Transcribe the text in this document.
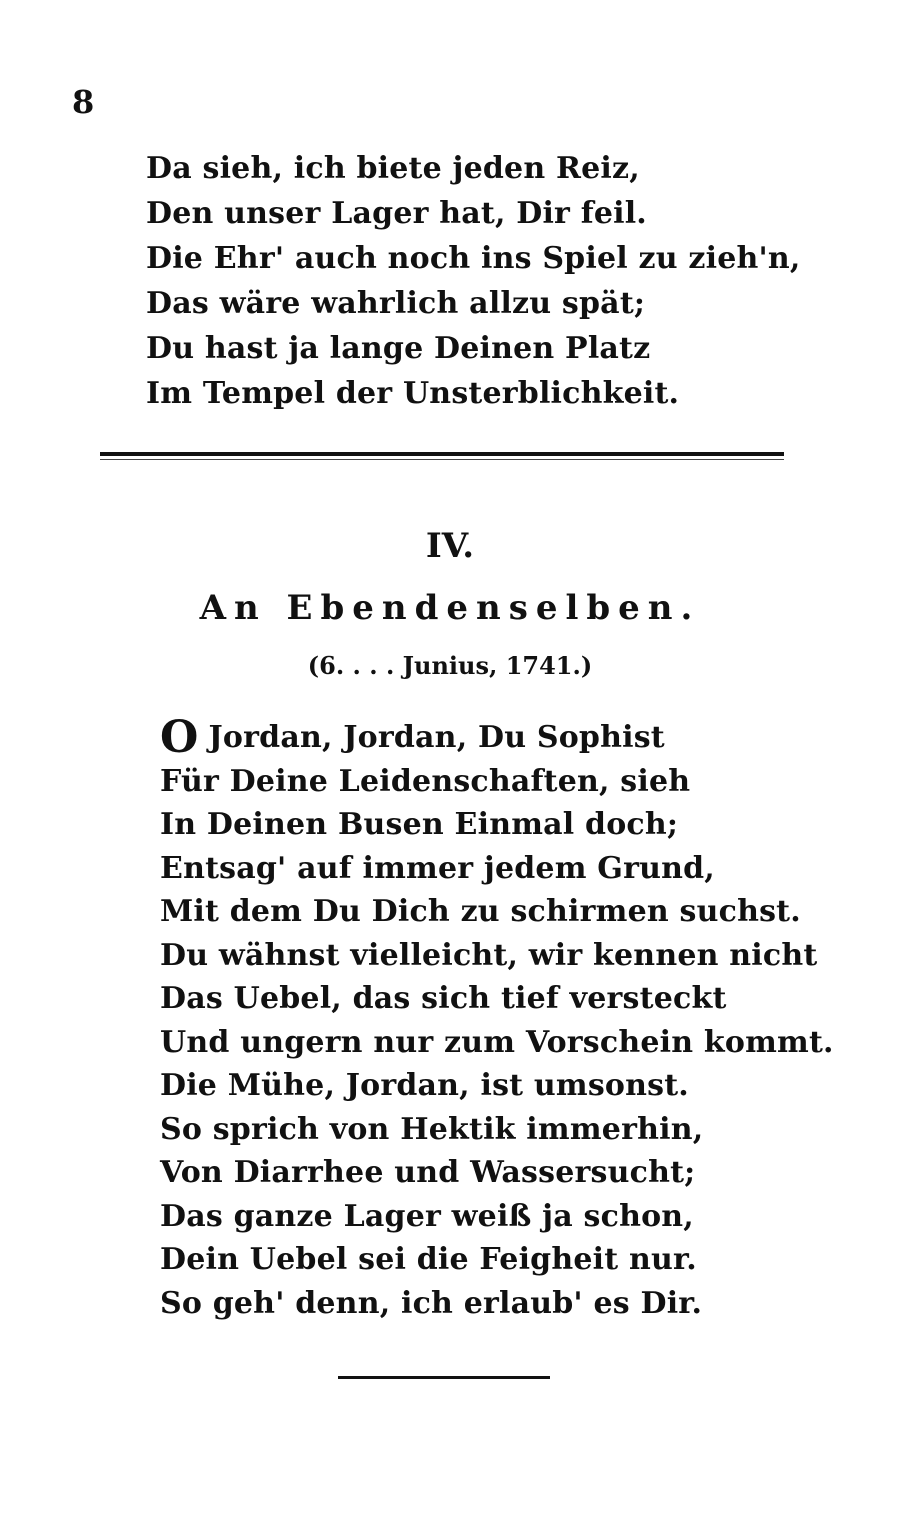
8
Da sieh, ich biete jeden Reiz,
Den unser Lager hat, Dir feil.
Die Ehr' auch noch ins Spiel zu zieh'n,
Das wäre wahrlich allzu spät;
Du hast ja lange Deinen Platz
Im Tempel der Unsterblichkeit.
IV.
An Ebendenselben.
(6. . . . Junius, 1741.)
O Jordan, Jordan, Du Sophist
Für Deine Leidenschaften, sieh
In Deinen Busen Einmal doch;
Entsag' auf immer jedem Grund,
Mit dem Du Dich zu schirmen suchst.
Du wähnst vielleicht, wir kennen nicht
Das Uebel, das sich tief versteckt
Und ungern nur zum Vorschein kommt.
Die Mühe, Jordan, ist umsonst.
So sprich von Hektik immerhin,
Von Diarrhee und Wassersucht;
Das ganze Lager weiß ja schon,
Dein Uebel sei die Feigheit nur.
So geh' denn, ich erlaub' es Dir.
